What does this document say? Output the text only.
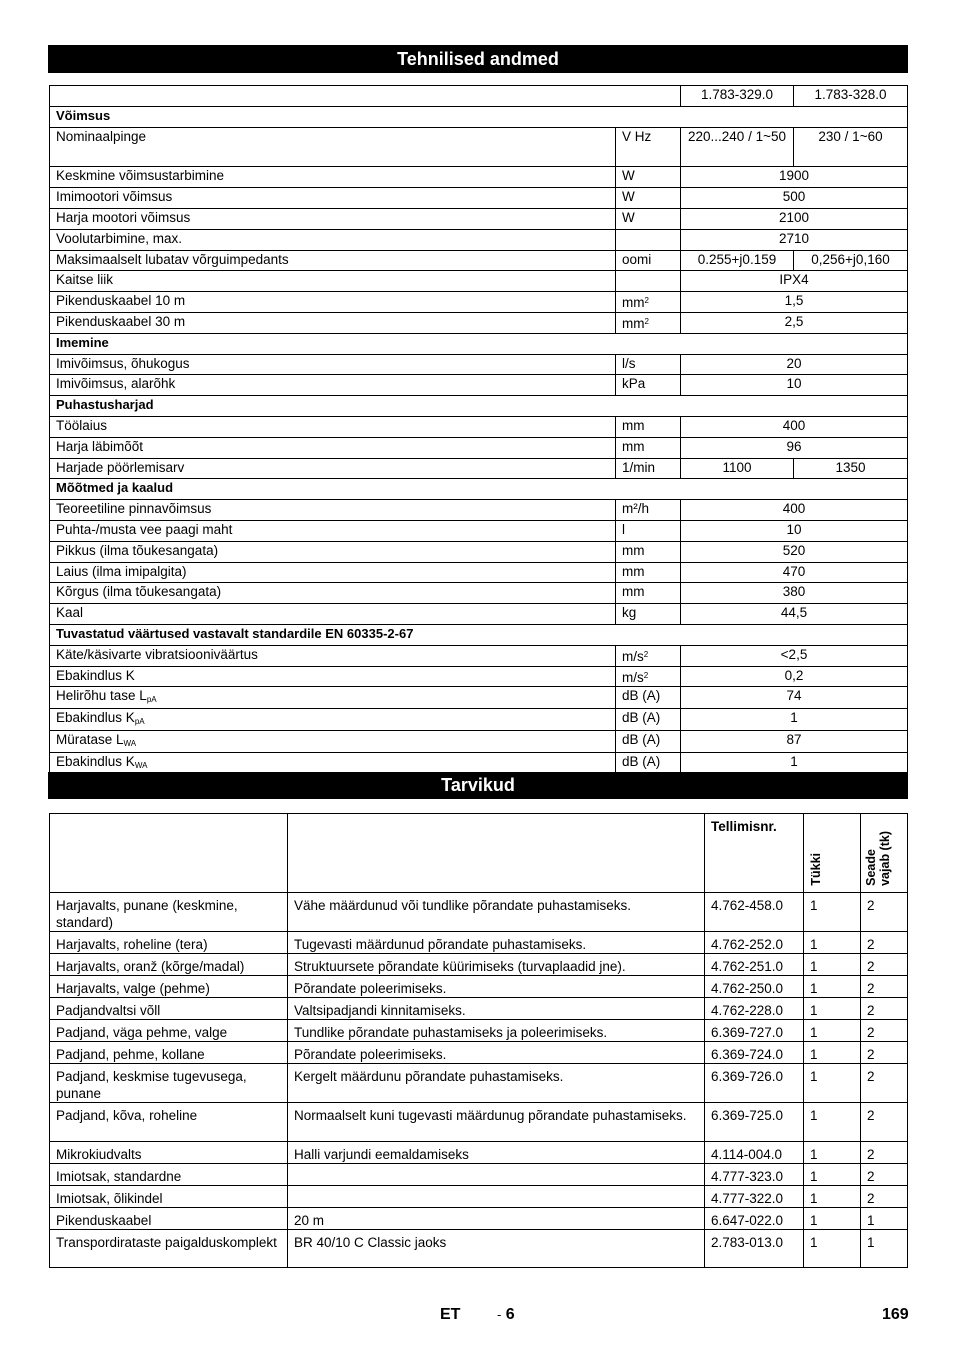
Tehnilised andmed
		1.783-329.0	1.783-328.0
Võimsus			
Nominaalpinge	V Hz	220...240 / 1~50	230 / 1~60
Keskmine võimsustarbimine	W	1900	
Imimootori võimsus	W	500	
Harja mootori võimsus	W	2100	
Voolutarbimine, max.		2710	
Maksimaalselt lubatav võrguimpedants	oomi	0.255+j0.159	0,256+j0,160
Kaitse liik		IPX4	
Pikenduskaabel 10 m	$mm^2$	1,5	
Pikenduskaabel 30 m	$mm^2$	2,5	
Imemine			
Imivõimsus, õhukogus	l/s	20	
Imivõimsus, alarõhk	kPa	10	
Puhastusharjad			
Töölaius	mm	400	
Harja läbimõõt	mm	96	
Harjade pöörlemisarv	1/min	1100	1350
Mõõtmed ja kaalud			
Teoreetiline pinnavõimsus	m²/h	400	
Puhta-/musta vee paagi maht	l	10	
Pikkus (ilma tõukesangata)	mm	520	
Laius (ilma imipalgita)	mm	470	
Kõrgus (ilma tõukesangata)	mm	380	
Kaal	kg	44,5	
Tuvastatud väärtused vastavalt standardile EN 60335-2-67			
Käte/käsivarte vibratsiooniväärtus	$m/s^2$	<2,5	
Ebakindlus K	$m/s^2$	0,2	
Helirõhu tase $L_{pA}$	dB (A)	74	
Ebakindlus $K_{pA}$	dB (A)	1	
Müratase $L_{WA}$	dB (A)	87	
Ebakindlus $K_{WA}$	dB (A)	1	
Tarvikud
		Tellimisnr.	Tükki	Seade
vajab (tk)

Harjavalts, punane (keskmine, standard)	Vähe määrdunud või tundlike põrandate puhastamiseks.	4.762-458.0	1	2
Harjavalts, roheline (tera)	Tugevasti määrdunud põrandate puhastamiseks.	4.762-252.0	1	2
Harjavalts, oranž (kõrge/madal)	Struktuursete põrandate küürimiseks (turvaplaadid jne).	4.762-251.0	1	2
Harjavalts, valge (pehme)	Põrandate poleerimiseks.	4.762-250.0	1	2
Padjandvaltsi võll	Valtsipadjandi kinnitamiseks.	4.762-228.0	1	2
Padjand, väga pehme, valge	Tundlike põrandate puhastamiseks ja poleerimiseks.	6.369-727.0	1	2
Padjand, pehme, kollane	Põrandate poleerimiseks.	6.369-724.0	1	2
Padjand, keskmise tugevusega, punane	Kergelt määrdunu põrandate puhastamiseks.	6.369-726.0	1	2
Padjand, kõva, roheline	Normaalselt kuni tugevasti määrdunug põrandate puhastamiseks.	6.369-725.0	1	2
Mikrokiudvalts	Halli varjundi eemaldamiseks	4.114-004.0	1	2
Imiotsak, standardne		4.777-323.0	1	2
Imiotsak, õlikindel		4.777-322.0	1	2
Pikenduskaabel	20 m	6.647-022.0	1	1
Transpordirataste paigalduskomplekt	BR 40/10 C Classic jaoks	2.783-013.0	1	1
ET	- 6	169
